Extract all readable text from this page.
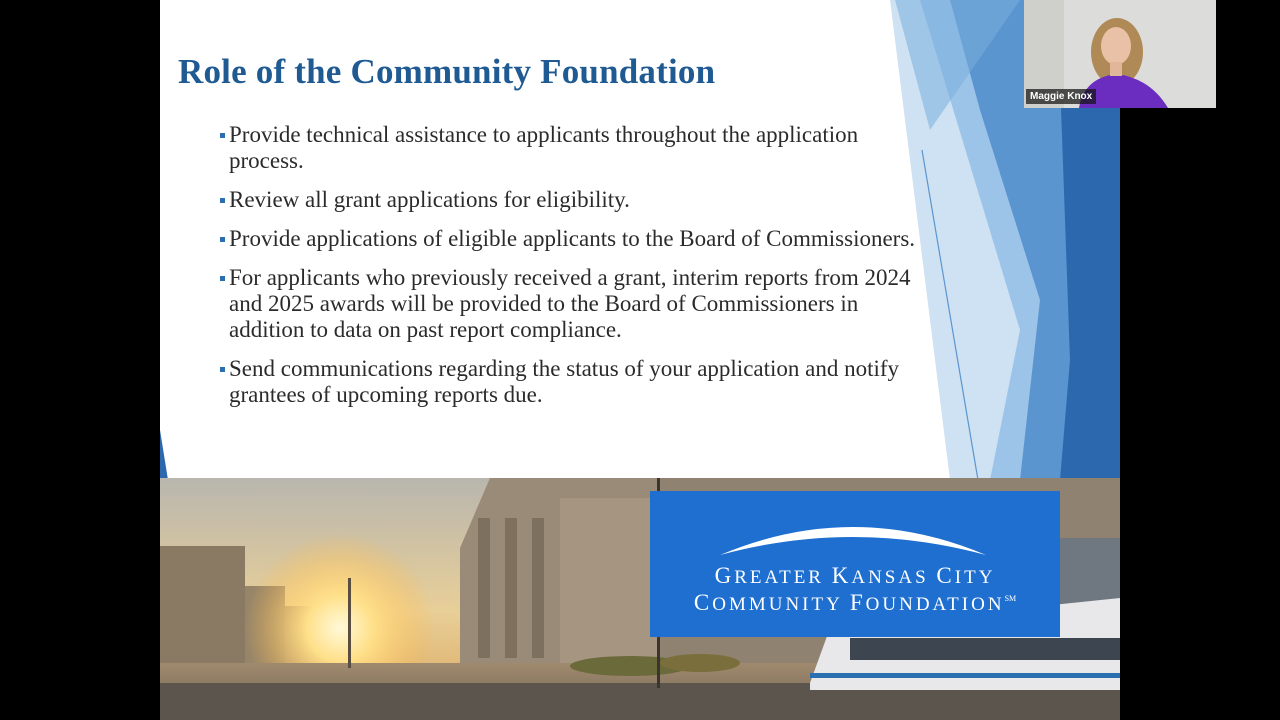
Role of the Community Foundation
Provide technical assistance to applicants throughout the application process.
Review all grant applications for eligibility.
Provide applications of eligible applicants to the Board of Commissioners.
For applicants who previously received a grant, interim reports from 2024 and 2025 awards will be provided to the Board of Commissioners in addition to data on past report compliance.
Send communications regarding the status of your application and notify grantees of upcoming reports due.
GREATER KANSAS CITY
COMMUNITY FOUNDATION℠
Maggie Knox
